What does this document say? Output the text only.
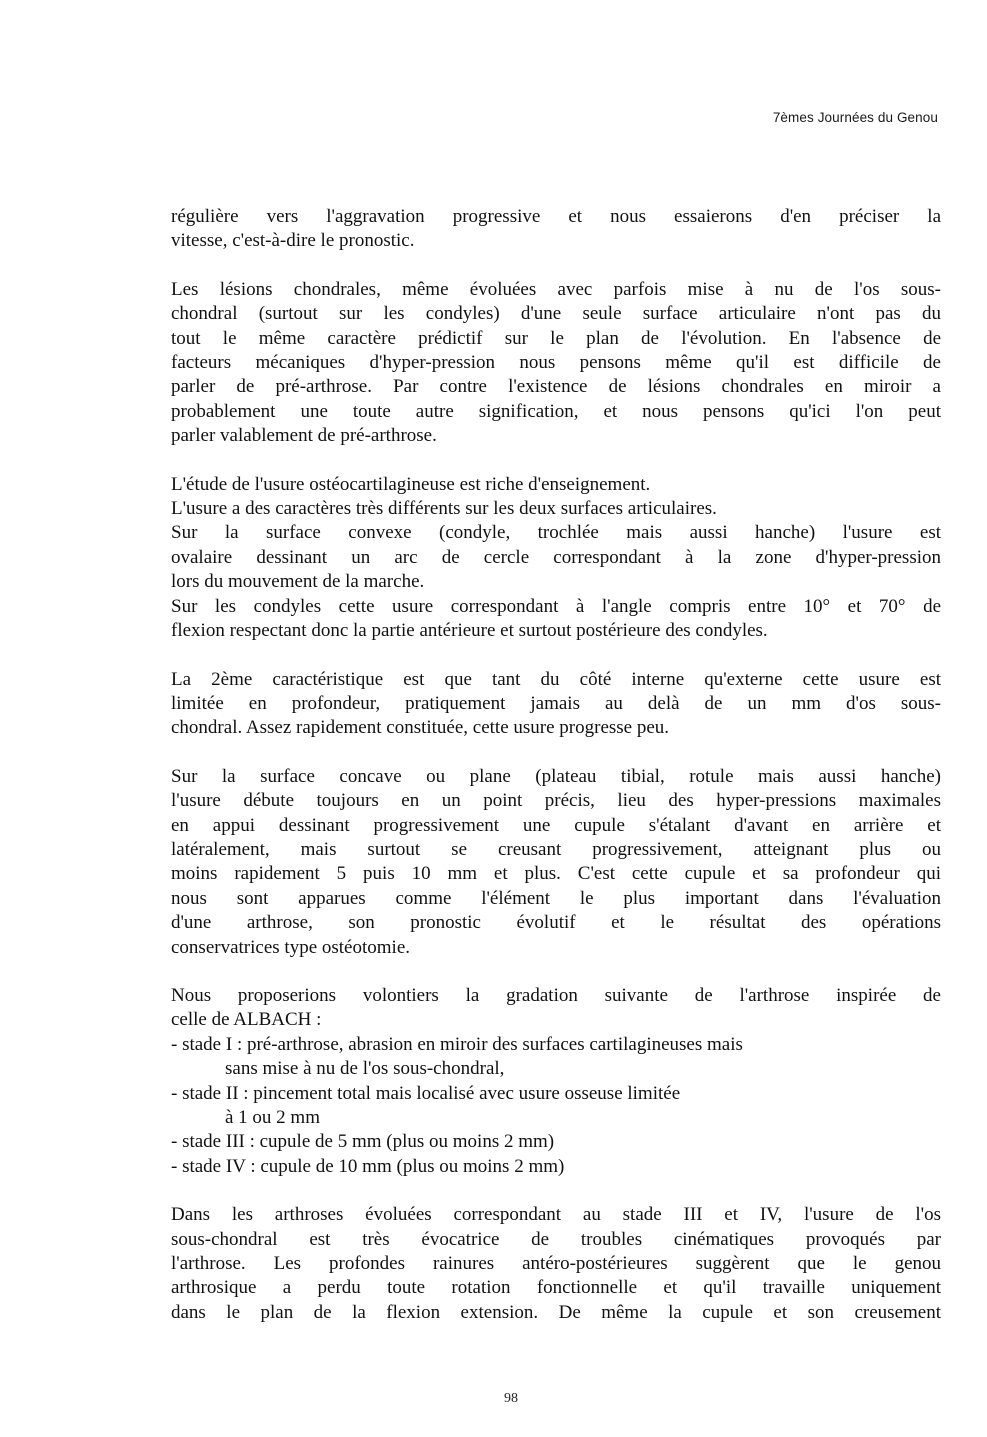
7èmes Journées du Genou

régulière vers l'aggravation progressive et nous essaierons d'en préciser la
vitesse, c'est-à-dire le pronostic.

Les lésions chondrales, même évoluées avec parfois mise à nu de l'os sous-
chondral (surtout sur les condyles) d'une seule surface articulaire n'ont pas du
tout le même caractère prédictif sur le plan de l'évolution. En l'absence de
facteurs mécaniques d'hyper-pression nous pensons même qu'il est difficile de
parler de pré-arthrose. Par contre l'existence de lésions chondrales en miroir a
probablement une toute autre signification, et nous pensons qu'ici l'on peut
parler valablement de pré-arthrose.

L'étude de l'usure ostéocartilagineuse est riche d'enseignement.
L'usure a des caractères très différents sur les deux surfaces articulaires.
Sur la surface convexe (condyle, trochlée mais aussi hanche) l'usure est
ovalaire dessinant un arc de cercle correspondant à la zone d'hyper-pression
lors du mouvement de la marche.
Sur les condyles cette usure correspondant à l'angle compris entre 10° et 70° de
flexion respectant donc la partie antérieure et surtout postérieure des condyles.

La 2ème caractéristique est que tant du côté interne qu'externe cette usure est
limitée en profondeur, pratiquement jamais au delà de un mm d'os sous-
chondral. Assez rapidement constituée, cette usure progresse peu.

Sur la surface concave ou plane (plateau tibial, rotule mais aussi hanche)
l'usure débute toujours en un point précis, lieu des hyper-pressions maximales
en appui dessinant progressivement une cupule s'étalant d'avant en arrière et
latéralement, mais surtout se creusant progressivement, atteignant plus ou
moins rapidement 5 puis 10 mm et plus. C'est cette cupule et sa profondeur qui
nous sont apparues comme l'élément le plus important dans l'évaluation
d'une arthrose, son pronostic évolutif et le résultat des opérations
conservatrices type ostéotomie.

Nous proposerions volontiers la gradation suivante de l'arthrose inspirée de
celle de ALBACH :
- stade I : pré-arthrose, abrasion en miroir des surfaces cartilagineuses mais
sans mise à nu de l'os sous-chondral,
- stade II : pincement total mais localisé avec usure osseuse limitée
à 1 ou 2 mm
- stade III : cupule de 5 mm (plus ou moins 2 mm)
- stade IV : cupule de 10 mm (plus ou moins 2 mm)

Dans les arthroses évoluées correspondant au stade III et IV, l'usure de l'os
sous-chondral est très évocatrice de troubles cinématiques provoqués par
l'arthrose. Les profondes rainures antéro-postérieures suggèrent que le genou
arthrosique a perdu toute rotation fonctionnelle et qu'il travaille uniquement
dans le plan de la flexion extension. De même la cupule et son creusement

98
